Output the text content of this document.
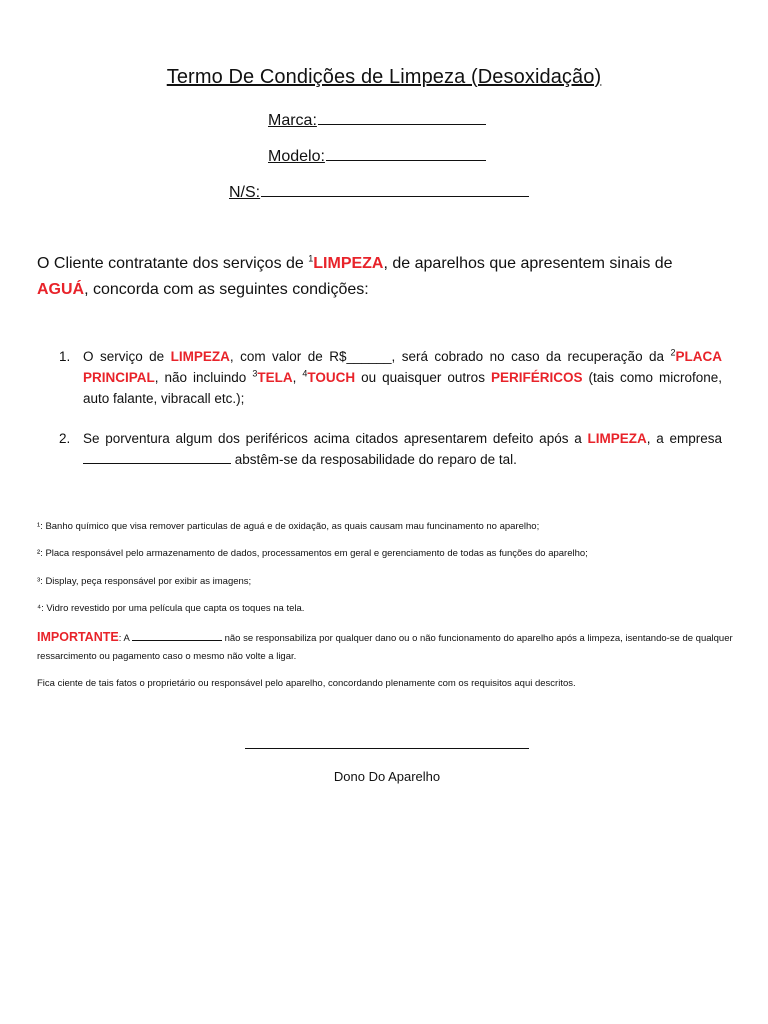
Termo De Condições de Limpeza (Desoxidação)
Marca:
Modelo:
N/S:
O Cliente contratante dos serviços de $^1$LIMPEZA, de aparelhos que apresentem sinais de AGUÁ, concorda com as seguintes condições:
1. O serviço de LIMPEZA, com valor de R$______, será cobrado no caso da recuperação da $^2$PLACA PRINCIPAL, não incluindo $^3$TELA, $^4$TOUCH ou quaisquer outros PERIFÉRICOS (tais como microfone, auto falante, vibracall etc.);
2. Se porventura algum dos periféricos acima citados apresentarem defeito após a LIMPEZA, a empresa  abstêm-se da resposabilidade do reparo de tal.
¹: Banho químico que visa remover particulas de aguá e de oxidação, as quais causam mau funcinamento no aparelho;
²: Placa responsável pelo armazenamento de dados, processamentos em geral e gerenciamento de todas as funções do aparelho;
³: Display, peça responsável por exibir as imagens;
⁴: Vidro revestido por uma película que capta os toques na tela.
IMPORTANTE: A	não se responsabiliza por qualquer dano ou o não funcionamento do aparelho após a limpeza, isentando-se de qualquer ressarcimento ou pagamento caso o mesmo não volte a ligar.
Fica ciente de tais fatos o proprietário ou responsável pelo aparelho, concordando plenamente com os requisitos aqui descritos.
Dono Do Aparelho
